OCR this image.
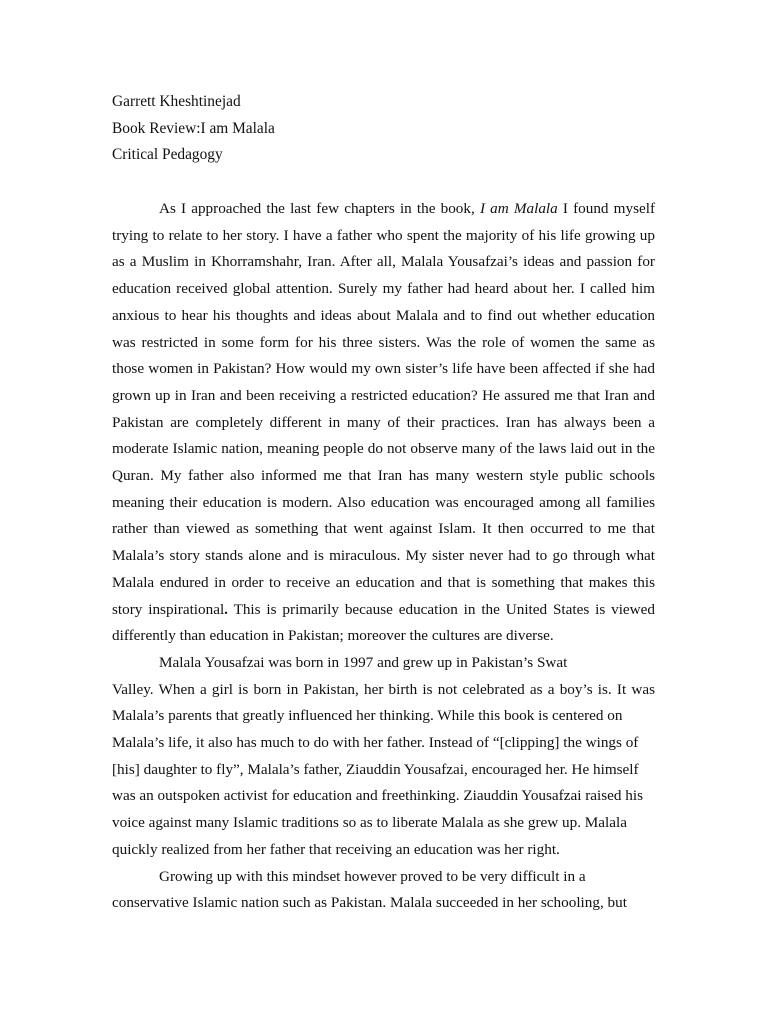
Garrett Kheshtinejad
Book Review:I am Malala
Critical Pedagogy

As I approached the last few chapters in the book, I am Malala I found myself trying to relate to her story. I have a father who spent the majority of his life growing up as a Muslim in Khorramshahr, Iran. After all, Malala Yousafzai’s ideas and passion for education received global attention. Surely my father had heard about her. I called him anxious to hear his thoughts and ideas about Malala and to find out whether education was restricted in some form for his three sisters. Was the role of women the same as those women in Pakistan? How would my own sister’s life have been affected if she had grown up in Iran and been receiving a restricted education? He assured me that Iran and Pakistan are completely different in many of their practices. Iran has always been a moderate Islamic nation, meaning people do not observe many of the laws laid out in the Quran. My father also informed me that Iran has many western style public schools meaning their education is modern. Also education was encouraged among all families rather than viewed as something that went against Islam. It then occurred to me that Malala’s story stands alone and is miraculous. My sister never had to go through what Malala endured in order to receive an education and that is something that makes this story inspirational. This is primarily because education in the United States is viewed differently than education in Pakistan; moreover the cultures are diverse.

Malala Yousafzai was born in 1997 and grew up in Pakistan’s Swat
Valley. When a girl is born in Pakistan, her birth is not celebrated as a boy’s is. It was
Malala’s parents that greatly influenced her thinking. While this book is centered on
Malala’s life, it also has much to do with her father. Instead of “[clipping] the wings of
[his] daughter to fly”, Malala’s father, Ziauddin Yousafzai, encouraged her. He himself
was an outspoken activist for education and freethinking. Ziauddin Yousafzai raised his
voice against many Islamic traditions so as to liberate Malala as she grew up. Malala
quickly realized from her father that receiving an education was her right.

Growing up with this mindset however proved to be very difficult in a
conservative Islamic nation such as Pakistan. Malala succeeded in her schooling, but
